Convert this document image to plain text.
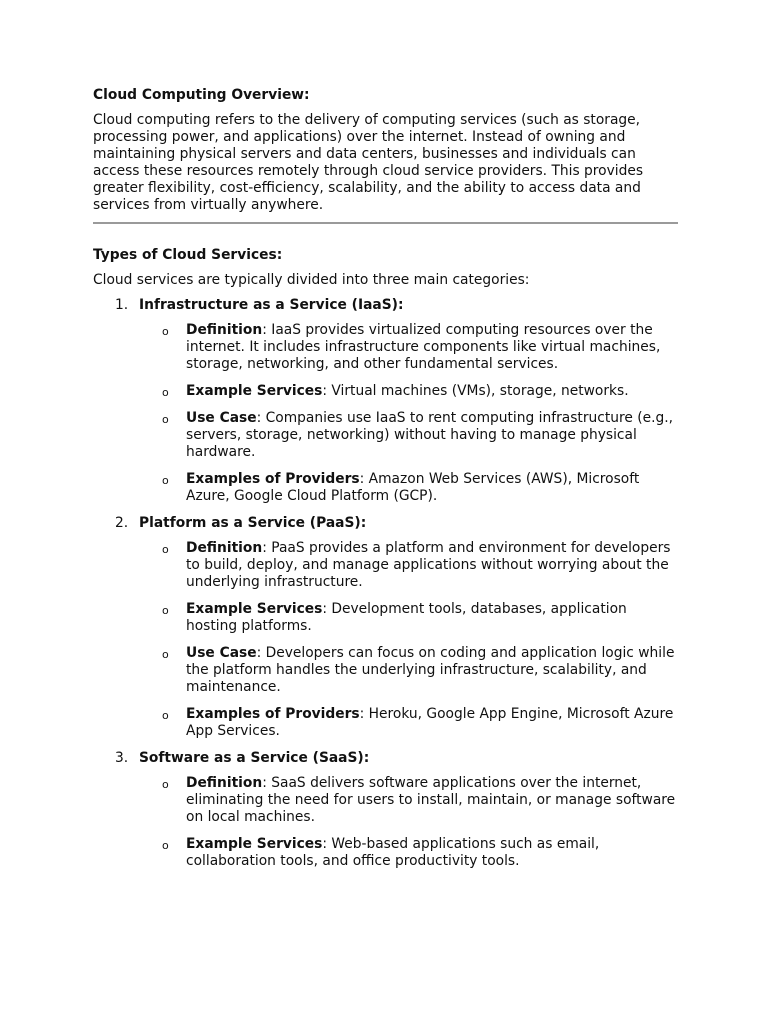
Cloud Computing Overview:

Cloud computing refers to the delivery of computing services (such as storage, processing power, and applications) over the internet. Instead of owning and maintaining physical servers and data centers, businesses and individuals can access these resources remotely through cloud service providers. This provides greater flexibility, cost-efficiency, scalability, and the ability to access data and services from virtually anywhere.

Types of Cloud Services:

Cloud services are typically divided into three main categories:

1. Infrastructure as a Service (IaaS):
o Definition: IaaS provides virtualized computing resources over the internet. It includes infrastructure components like virtual machines, storage, networking, and other fundamental services.
o Example Services: Virtual machines (VMs), storage, networks.
o Use Case: Companies use IaaS to rent computing infrastructure (e.g., servers, storage, networking) without having to manage physical hardware.
o Examples of Providers: Amazon Web Services (AWS), Microsoft Azure, Google Cloud Platform (GCP).
2. Platform as a Service (PaaS):
o Definition: PaaS provides a platform and environment for developers to build, deploy, and manage applications without worrying about the underlying infrastructure.
o Example Services: Development tools, databases, application hosting platforms.
o Use Case: Developers can focus on coding and application logic while the platform handles the underlying infrastructure, scalability, and maintenance.
o Examples of Providers: Heroku, Google App Engine, Microsoft Azure App Services.
3. Software as a Service (SaaS):
o Definition: SaaS delivers software applications over the internet, eliminating the need for users to install, maintain, or manage software on local machines.
o Example Services: Web-based applications such as email, collaboration tools, and office productivity tools.
